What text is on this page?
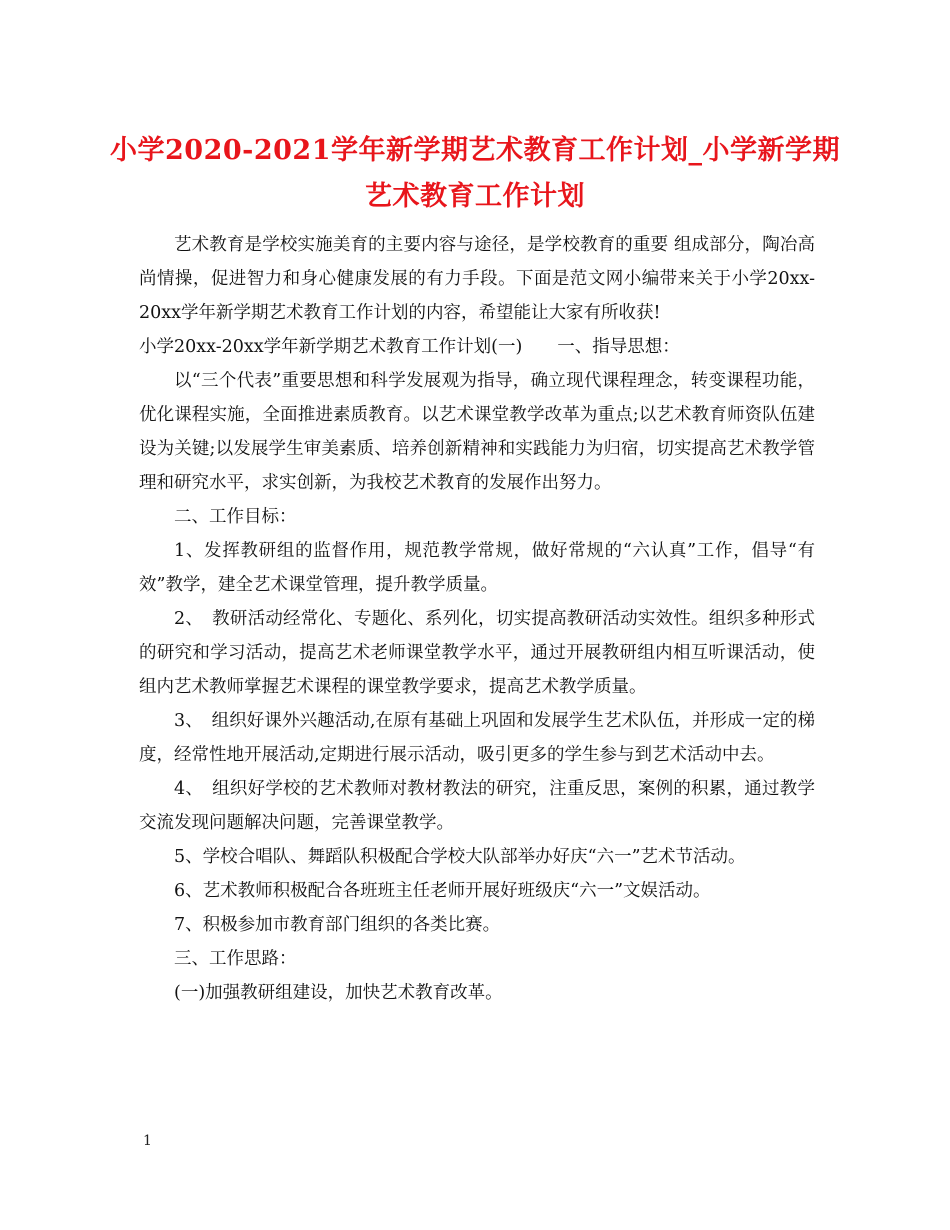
小学2020-2021学年新学期艺术教育工作计划_小学新学期艺术教育工作计划

艺术教育是学校实施美育的主要内容与途径，是学校教育的重要 组成部分，陶冶高尚情操，促进智力和身心健康发展的有力手段。下面是范文网小编带来关于小学20xx-20xx学年新学期艺术教育工作计划的内容，希望能让大家有所收获!

小学20xx-20xx学年新学期艺术教育工作计划(一)　　一、指导思想：

以“三个代表”重要思想和科学发展观为指导，确立现代课程理念，转变课程功能，优化课程实施，全面推进素质教育。以艺术课堂教学改革为重点;以艺术教育师资队伍建设为关键;以发展学生审美素质、培养创新精神和实践能力为归宿，切实提高艺术教学管理和研究水平，求实创新，为我校艺术教育的发展作出努力。

二、工作目标：

1、发挥教研组的监督作用，规范教学常规，做好常规的“六认真”工作，倡导“有效”教学，建全艺术课堂管理，提升教学质量。

2、　教研活动经常化、专题化、系列化，切实提高教研活动实效性。组织多种形式的研究和学习活动，提高艺术老师课堂教学水平，通过开展教研组内相互听课活动，使组内艺术教师掌握艺术课程的课堂教学要求，提高艺术教学质量。

3、　组织好课外兴趣活动,在原有基础上巩固和发展学生艺术队伍，并形成一定的梯度，经常性地开展活动,定期进行展示活动，吸引更多的学生参与到艺术活动中去。

4、　组织好学校的艺术教师对教材教法的研究，注重反思，案例的积累，通过教学交流发现问题解决问题，完善课堂教学。

5、学校合唱队、舞蹈队积极配合学校大队部举办好庆“六一”艺术节活动。

6、艺术教师积极配合各班班主任老师开展好班级庆“六一”文娱活动。

7、积极参加市教育部门组织的各类比赛。

三、工作思路：

(一)加强教研组建设，加快艺术教育改革。

1
